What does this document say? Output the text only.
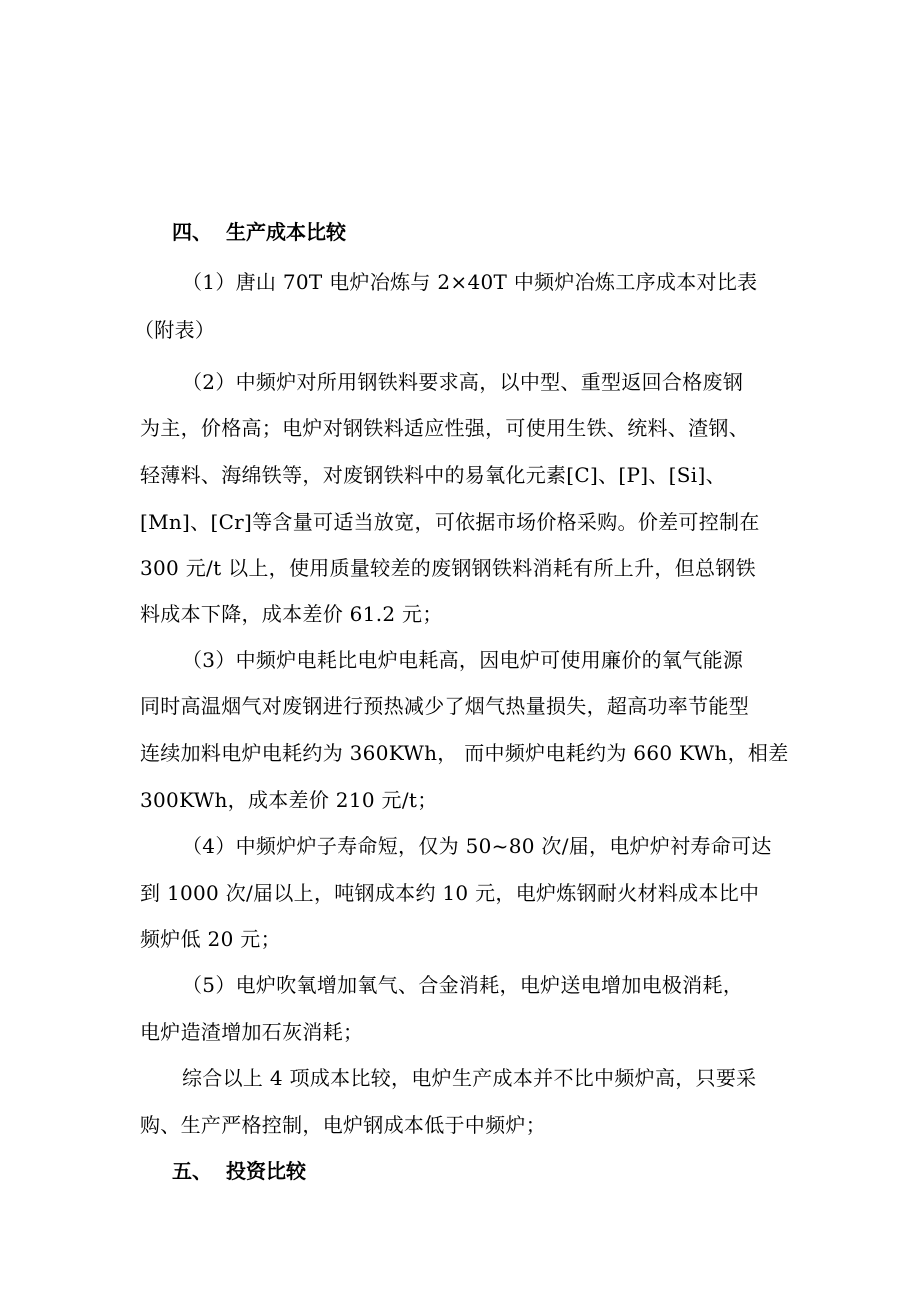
四、 生产成本比较
（1）唐山 70T 电炉冶炼与 2×40T 中频炉冶炼工序成本对比表
（附表）
（2）中频炉对所用钢铁料要求高，以中型、重型返回合格废钢
为主，价格高；电炉对钢铁料适应性强，可使用生铁、统料、渣钢、
轻薄料、海绵铁等，对废钢铁料中的易氧化元素[C]、[P]、[Si]、
[Mn]、[Cr]等含量可适当放宽，可依据市场价格采购。价差可控制在
300 元/t 以上，使用质量较差的废钢钢铁料消耗有所上升，但总钢铁
料成本下降，成本差价 61.2 元；
（3）中频炉电耗比电炉电耗高，因电炉可使用廉价的氧气能源
同时高温烟气对废钢进行预热减少了烟气热量损失，超高功率节能型
连续加料电炉电耗约为 360KWh， 而中频炉电耗约为 660 KWh，相差
300KWh，成本差价 210 元/t；
（4）中频炉炉子寿命短，仅为 50~80 次/届，电炉炉衬寿命可达
到 1000 次/届以上，吨钢成本约 10 元，电炉炼钢耐火材料成本比中
频炉低 20 元；
（5）电炉吹氧增加氧气、合金消耗，电炉送电增加电极消耗，
电炉造渣增加石灰消耗；
综合以上 4 项成本比较，电炉生产成本并不比中频炉高，只要采
购、生产严格控制，电炉钢成本低于中频炉；
五、 投资比较
